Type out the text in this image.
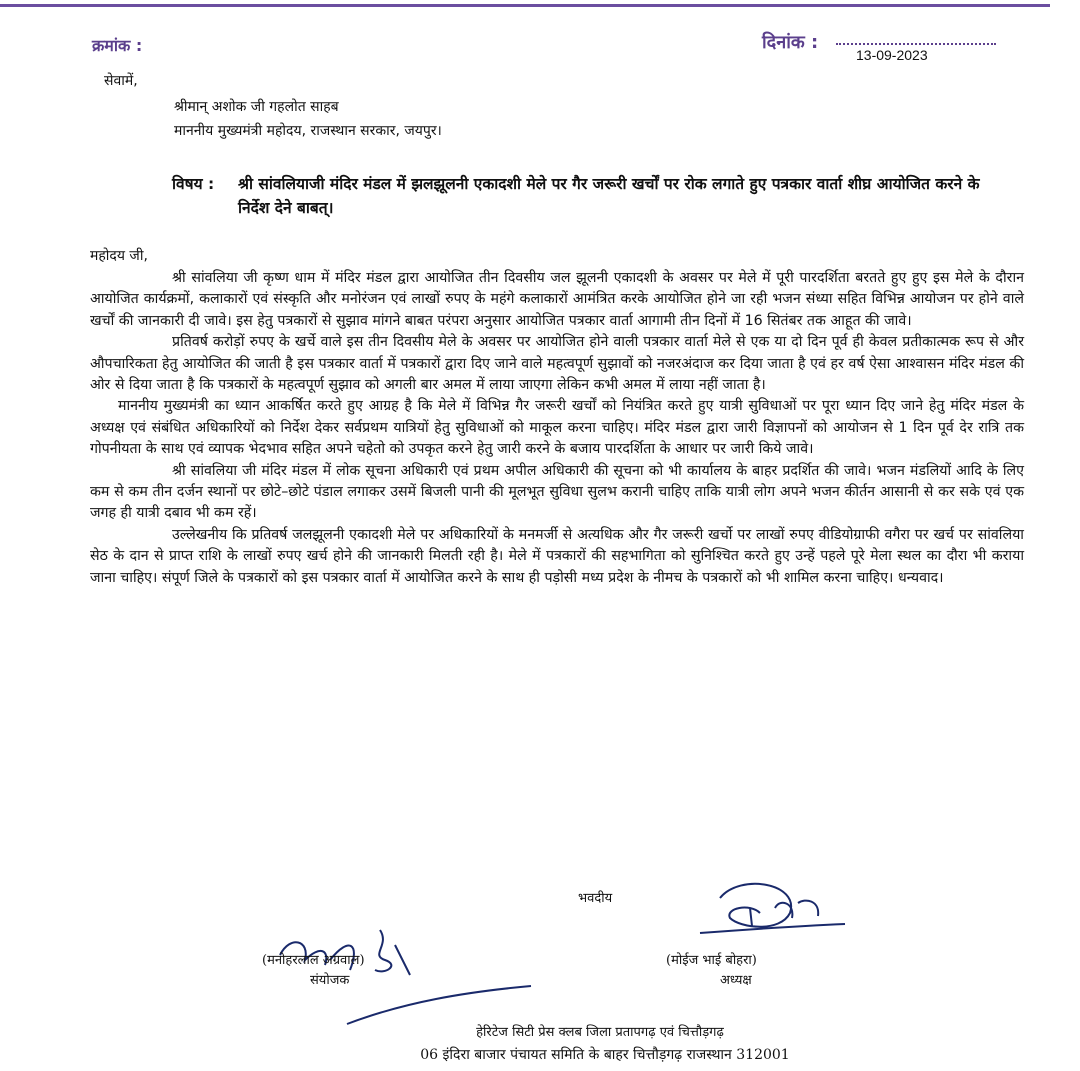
क्रमांक :	दिनांक :
13-09-2023
सेवामें,
श्रीमान् अशोक जी गहलोत साहब
माननीय मुख्यमंत्री महोदय, राजस्थान सरकार, जयपुर।
विषय : श्री सांवलियाजी मंदिर मंडल में झलझूलनी एकादशी मेले पर गैर जरूरी खर्चों पर रोक लगाते हुए पत्रकार वार्ता शीघ्र आयोजित करने के निर्देश देने बाबत्।
महोदय जी,

श्री सांवलिया जी कृष्ण धाम में मंदिर मंडल द्वारा आयोजित तीन दिवसीय जल झूलनी एकादशी के अवसर पर मेले में पूरी पारदर्शिता बरतते हुए हुए इस मेले के दौरान आयोजित कार्यक्रमों, कलाकारों एवं संस्कृति और मनोरंजन एवं लाखों रुपए के महंगे कलाकारों आमंत्रित करके आयोजित होने जा रही भजन संध्या सहित विभिन्न आयोजन पर होने वाले खर्चों की जानकारी दी जावे। इस हेतु पत्रकारों से सुझाव मांगने बाबत परंपरा अनुसार आयोजित पत्रकार वार्ता आगामी तीन दिनों में 16 सितंबर तक आहूत की जावे।

प्रतिवर्ष करोड़ों रुपए के खर्चे वाले इस तीन दिवसीय मेले के अवसर पर आयोजित होने वाली पत्रकार वार्ता मेले से एक या दो दिन पूर्व ही केवल प्रतीकात्मक रूप से और औपचारिकता हेतु आयोजित की जाती है इस पत्रकार वार्ता में पत्रकारों द्वारा दिए जाने वाले महत्वपूर्ण सुझावों को नजरअंदाज कर दिया जाता है एवं हर वर्ष ऐसा आश्वासन मंदिर मंडल की ओर से दिया जाता है कि पत्रकारों के महत्वपूर्ण सुझाव को अगली बार अमल में लाया जाएगा लेकिन कभी अमल में लाया नहीं जाता है।

माननीय मुख्यमंत्री का ध्यान आकर्षित करते हुए आग्रह है कि मेले में विभिन्न गैर जरूरी खर्चों को नियंत्रित करते हुए यात्री सुविधाओं पर पूरा ध्यान दिए जाने हेतु मंदिर मंडल के अध्यक्ष एवं संबंधित अधिकारियों को निर्देश देकर सर्वप्रथम यात्रियों हेतु सुविधाओं को माकूल करना चाहिए। मंदिर मंडल द्वारा जारी विज्ञापनों को आयोजन से 1 दिन पूर्व देर रात्रि तक गोपनीयता के साथ एवं व्यापक भेदभाव सहित अपने चहेतो को उपकृत करने हेतु जारी करने के बजाय पारदर्शिता के आधार पर जारी किये जावे।

श्री सांवलिया जी मंदिर मंडल में लोक सूचना अधिकारी एवं प्रथम अपील अधिकारी की सूचना को भी कार्यालय के बाहर प्रदर्शित की जावे। भजन मंडलियों आदि के लिए कम से कम तीन दर्जन स्थानों पर छोटे–छोटे पंडाल लगाकर उसमें बिजली पानी की मूलभूत सुविधा सुलभ करानी चाहिए ताकि यात्री लोग अपने भजन कीर्तन आसानी से कर सके एवं एक जगह ही यात्री दबाव भी कम रहें।

उल्लेखनीय कि प्रतिवर्ष जलझूलनी एकादशी मेले पर अधिकारियों के मनमर्जी से अत्यधिक और गैर जरूरी खर्चो पर लाखों रुपए वीडियोग्राफी वगैरा पर खर्च पर सांवलिया सेठ के दान से प्राप्त राशि के लाखों रुपए खर्च होने की जानकारी मिलती रही है। मेले में पत्रकारों की सहभागिता को सुनिश्चित करते हुए उन्हें पहले पूरे मेला स्थल का दौरा भी कराया जाना चाहिए। संपूर्ण जिले के पत्रकारों को इस पत्रकार वार्ता में आयोजित करने के साथ ही पड़ोसी मध्य प्रदेश के नीमच के पत्रकारों को भी शामिल करना चाहिए। धन्यवाद।

भवदीय
(मनोहरलाल अग्रवाल)
संयोजक
(मोईज भाई बोहरा)
अध्यक्ष
हेरिटेज सिटी प्रेस क्लब जिला प्रतापगढ़ एवं चित्तौड़गढ़
06 इंदिरा बाजार पंचायत समिति के बाहर चित्तौड़गढ़ राजस्थान 312001
